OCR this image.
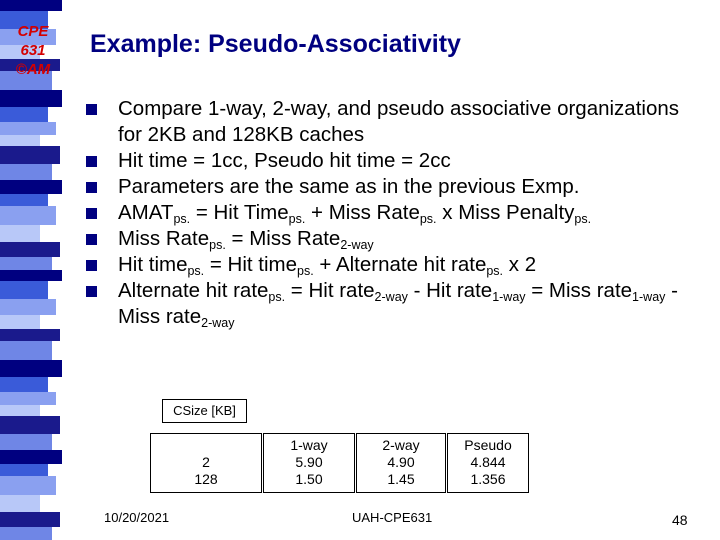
CPE
631
©AM
Example: Pseudo-Associativity
Compare 1-way, 2-way, and pseudo associative organizations for 2KB and 128KB caches
Hit time = 1cc, Pseudo hit time = 2cc
Parameters are the same as in the previous Exmp.
$AMAT_{ps.}$ = Hit Time$_{ps.}$ + Miss Rate$_{ps.}$ x Miss Penalty$_{ps.}$
Miss Rate$_{ps.}$ = Miss Rate$_{2-way}$
Hit time$_{ps.}$ = Hit time$_{ps.}$ + Alternate hit rate$_{ps.}$ x 2
Alternate hit rate$_{ps.}$ = Hit rate$_{2-way}$ - Hit rate$_{1-way}$ = Miss rate$_{1-way}$ - Miss rate$_{2-way}$
CSize [KB]
2
128
1-way
5.90
1.50
2-way
4.90
1.45
Pseudo
4.844
1.356
10/20/2021	UAH-CPE631	48
